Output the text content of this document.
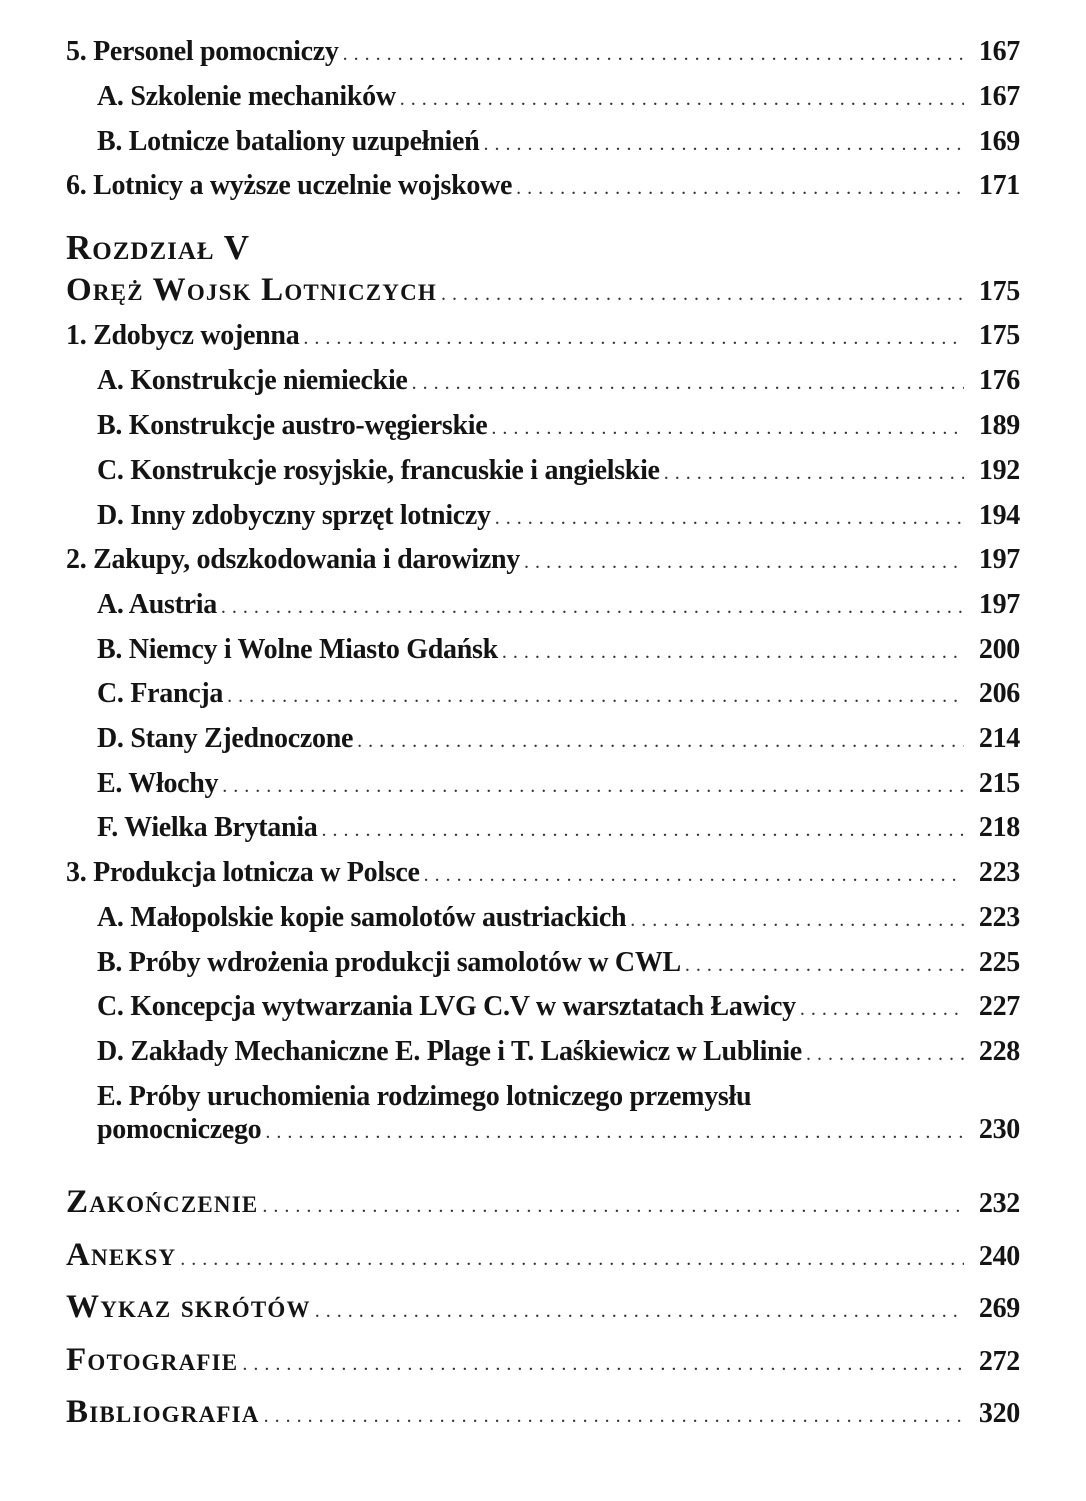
5. Personel pomocniczy . . .	167
A. Szkolenie mechaników . . .	167
B. Lotnicze bataliony uzupełnień . . .	169
6. Lotnicy a wyższe uczelnie wojskowe . . .	171

Rozdział V

Oręż Wojsk Lotniczych . . .	175
1. Zdobycz wojenna . . .	175
A. Konstrukcje niemieckie . . .	176
B. Konstrukcje austro-węgierskie . . .	189
C. Konstrukcje rosyjskie, francuskie i angielskie . . .	192
D. Inny zdobyczny sprzęt lotniczy . . .	194
2. Zakupy, odszkodowania i darowizny . . .	197
A. Austria . . .	197
B. Niemcy i Wolne Miasto Gdańsk . . .	200
C. Francja . . .	206
D. Stany Zjednoczone . . .	214
E. Włochy . . .	215
F. Wielka Brytania . . .	218
3. Produkcja lotnicza w Polsce . . .	223
A. Małopolskie kopie samolotów austriackich . . .	223
B. Próby wdrożenia produkcji samolotów w CWL . . .	225
C. Koncepcja wytwarzania LVG C.V w warsztatach Ławicy . . .	227
D. Zakłady Mechaniczne E. Plage i T. Laśkiewicz w Lublinie . . .	228

E. Próby uruchomienia rodzimego lotniczego przemysłu

pomocniczego . . .	230
Zakończenie . . .	232
Aneksy . . .	240
Wykaz skrótów . . .	269
Fotografie . . .	272
Bibliografia . . .	320
